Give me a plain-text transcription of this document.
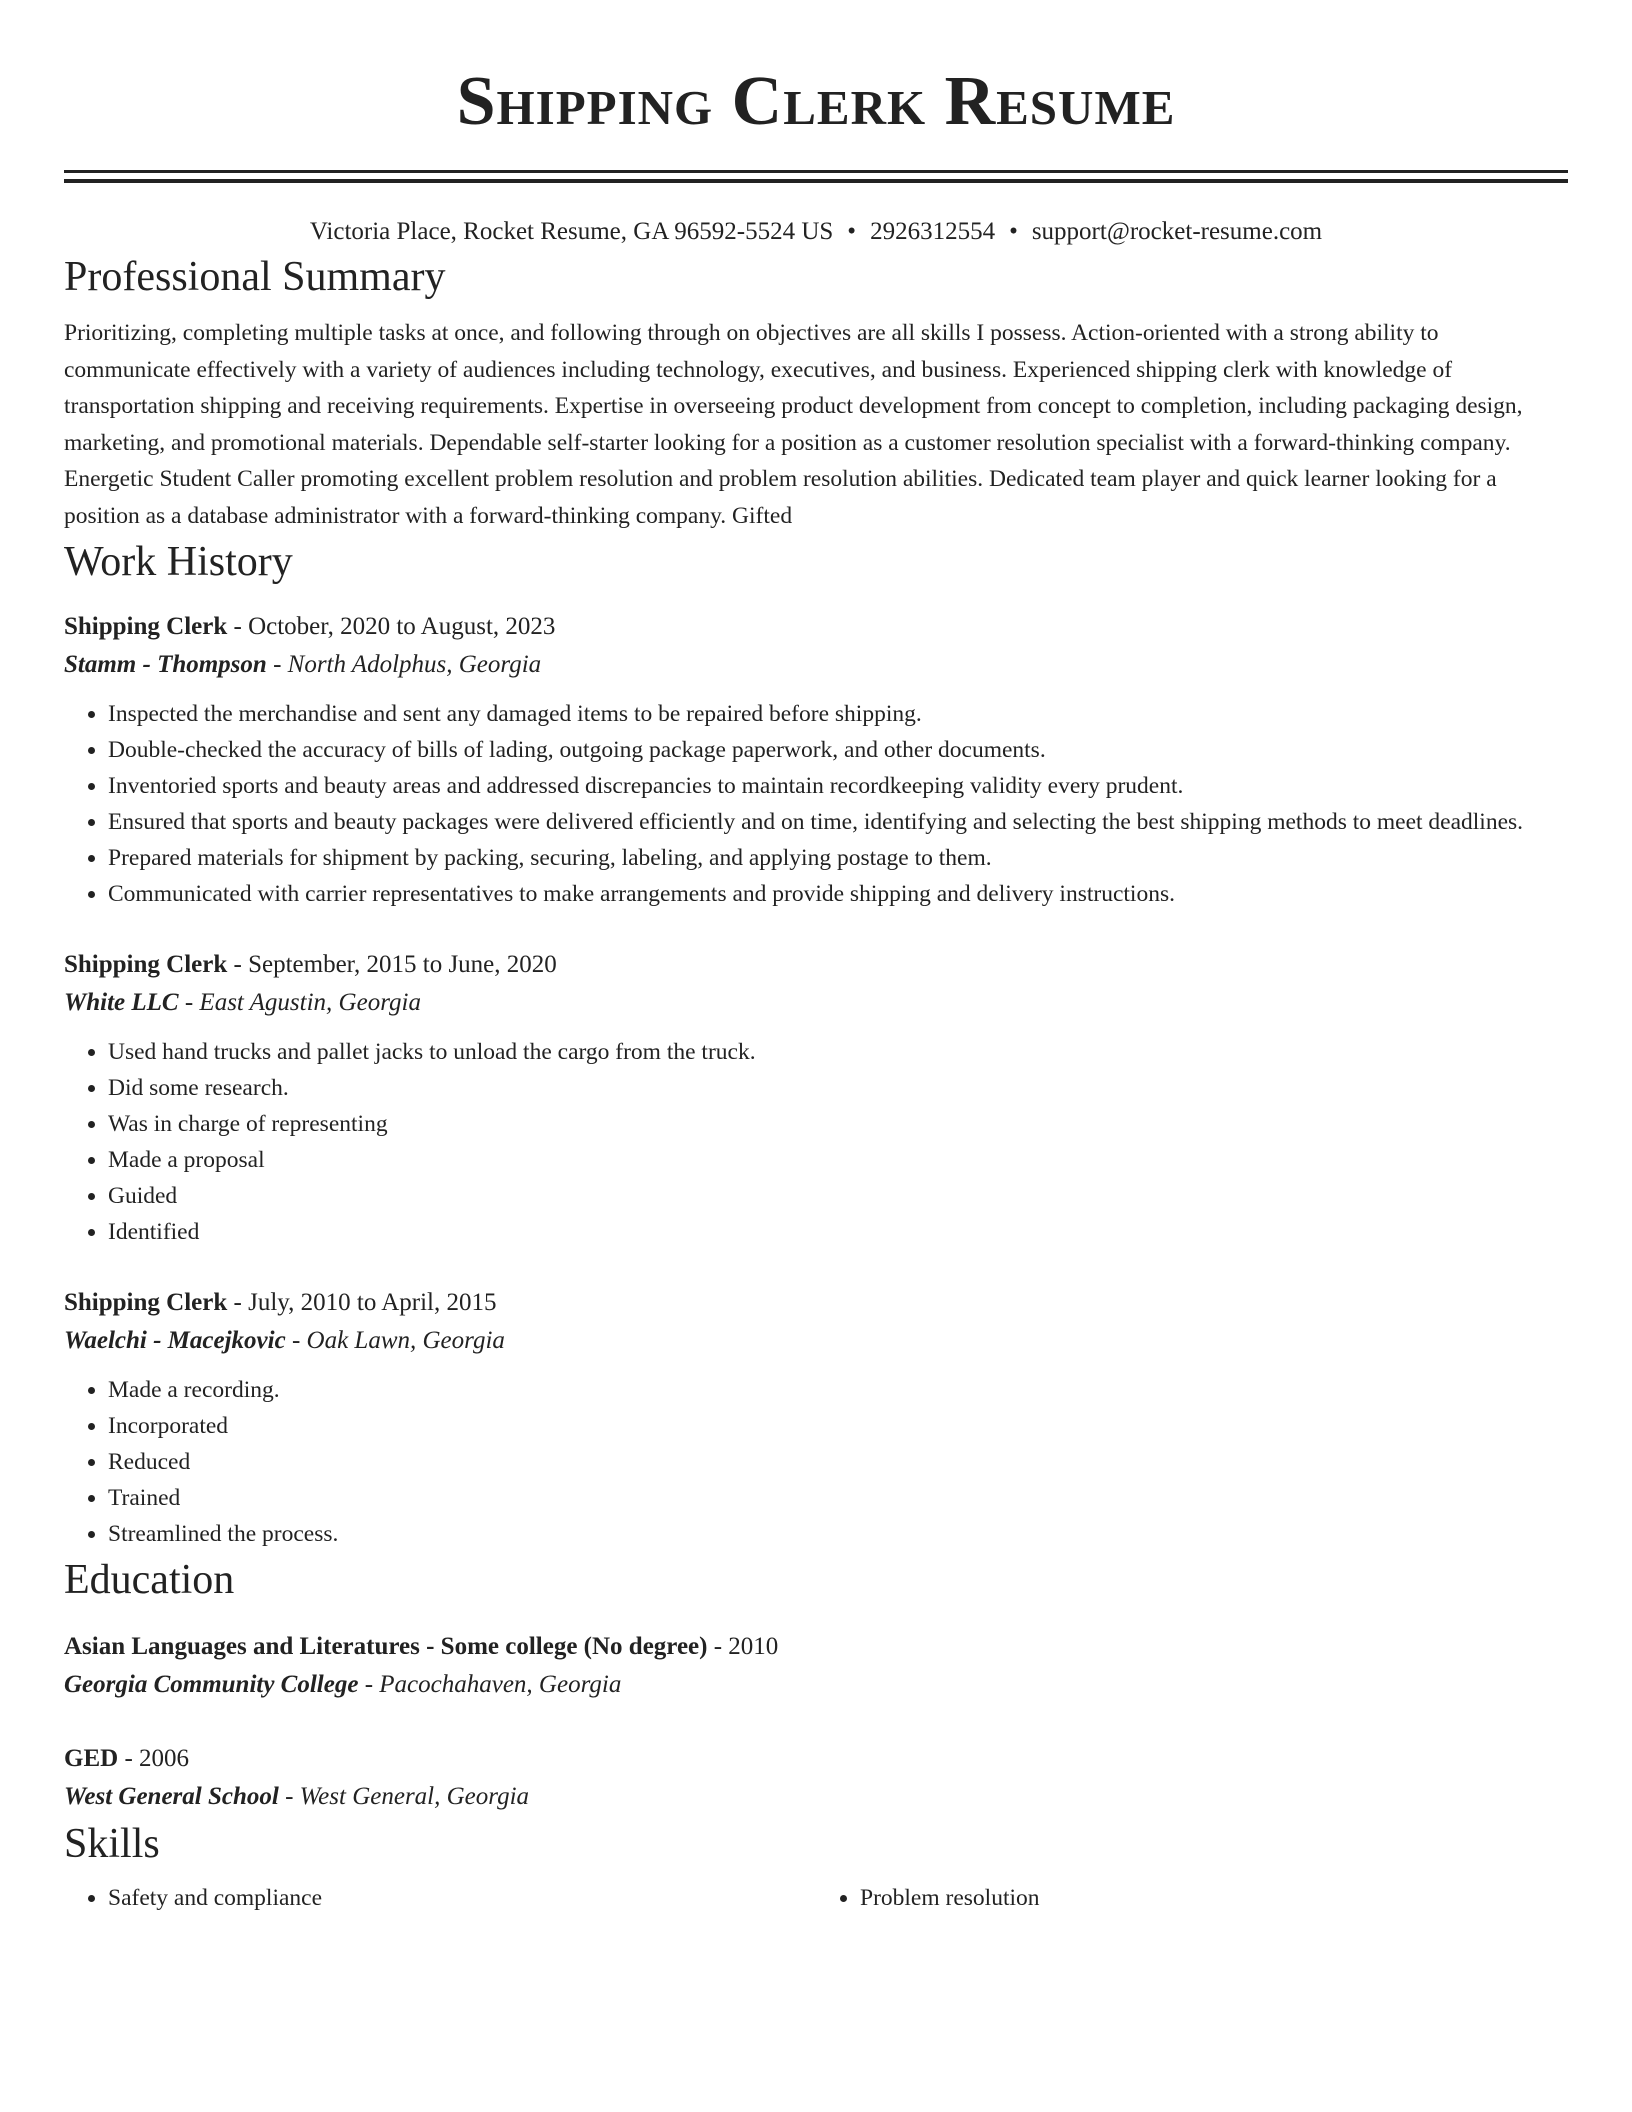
Shipping Clerk Resume
Victoria Place, Rocket Resume, GA 96592-5524 US • 2926312554 • support@rocket-resume.com
Professional Summary

Prioritizing, completing multiple tasks at once, and following through on objectives are all skills I possess. Action-oriented with a strong ability to communicate effectively with a variety of audiences including technology, executives, and business. Experienced shipping clerk with knowledge of transportation shipping and receiving requirements. Expertise in overseeing product development from concept to completion, including packaging design, marketing, and promotional materials. Dependable self-starter looking for a position as a customer resolution specialist with a forward-thinking company. Energetic Student Caller promoting excellent problem resolution and problem resolution abilities. Dedicated team player and quick learner looking for a position as a database administrator with a forward-thinking company. Gifted

Work History
Shipping Clerk - October, 2020 to August, 2023
Stamm - Thompson - North Adolphus, Georgia
• Inspected the merchandise and sent any damaged items to be repaired before shipping.
• Double-checked the accuracy of bills of lading, outgoing package paperwork, and other documents.
• Inventoried sports and beauty areas and addressed discrepancies to maintain recordkeeping validity every prudent.
• Ensured that sports and beauty packages were delivered efficiently and on time, identifying and selecting the best shipping methods to meet deadlines.
• Prepared materials for shipment by packing, securing, labeling, and applying postage to them.
• Communicated with carrier representatives to make arrangements and provide shipping and delivery instructions.
Shipping Clerk - September, 2015 to June, 2020
White LLC - East Agustin, Georgia
• Used hand trucks and pallet jacks to unload the cargo from the truck.
• Did some research.
• Was in charge of representing
• Made a proposal
• Guided
• Identified
Shipping Clerk - July, 2010 to April, 2015
Waelchi - Macejkovic - Oak Lawn, Georgia
• Made a recording.
• Incorporated
• Reduced
• Trained
• Streamlined the process.
Education
Asian Languages and Literatures - Some college (No degree) - 2010
Georgia Community College - Pacochahaven, Georgia
GED - 2006
West General School - West General, Georgia
Skills
• Safety and compliance
•	Problem resolution
